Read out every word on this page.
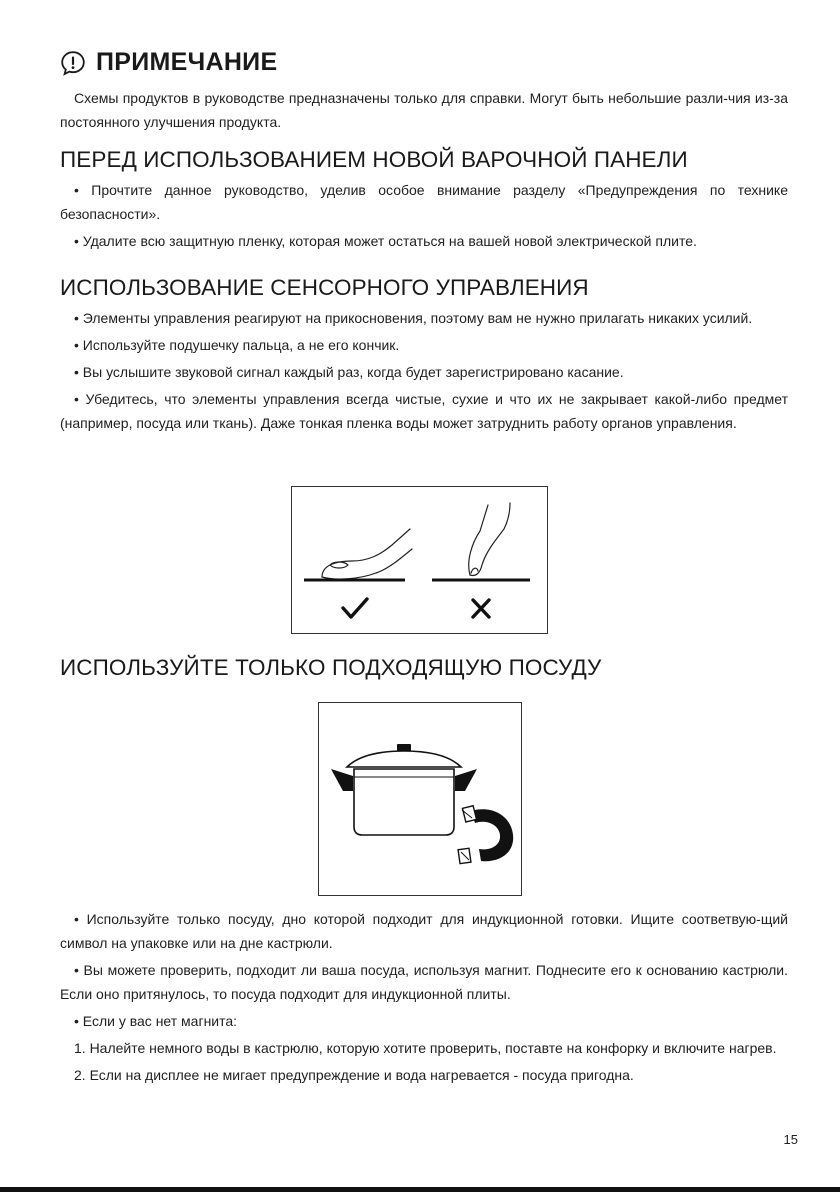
ПРИМЕЧАНИЕ

Схемы продуктов в руководстве предназначены только для справки. Могут быть небольшие разли-чия из-за постоянного улучшения продукта.

ПЕРЕД ИСПОЛЬЗОВАНИЕМ НОВОЙ ВАРОЧНОЙ ПАНЕЛИ

• Прочтите данное руководство, уделив особое внимание разделу «Предупреждения по технике безопасности».

• Удалите всю защитную пленку, которая может остаться на вашей новой электрической плите.

ИСПОЛЬЗОВАНИЕ СЕНСОРНОГО УПРАВЛЕНИЯ

• Элементы управления реагируют на прикосновения, поэтому вам не нужно прилагать никаких усилий.

• Используйте подушечку пальца, а не его кончик.

• Вы услышите звуковой сигнал каждый раз, когда будет зарегистрировано касание.

• Убедитесь, что элементы управления всегда чистые, сухие и что их не закрывает какой-либо предмет (например, посуда или ткань). Даже тонкая пленка воды может затруднить работу органов управления.

ИСПОЛЬЗУЙТЕ ТОЛЬКО ПОДХОДЯЩУЮ ПОСУДУ

• Используйте только посуду, дно которой подходит для индукционной готовки. Ищите соответвую-щий символ на упаковке или на дне кастрюли.

• Вы можете проверить, подходит ли ваша посуда, используя магнит. Поднесите его к основанию кастрюли. Если оно притянулось, то посуда подходит для индукционной плиты.

• Если у вас нет магнита:

1. Налейте немного воды в кастрюлю, которую хотите проверить, поставте на конфорку и включите нагрев.

2. Если на дисплее не мигает предупреждение и вода нагревается - посуда пригодна.

15
